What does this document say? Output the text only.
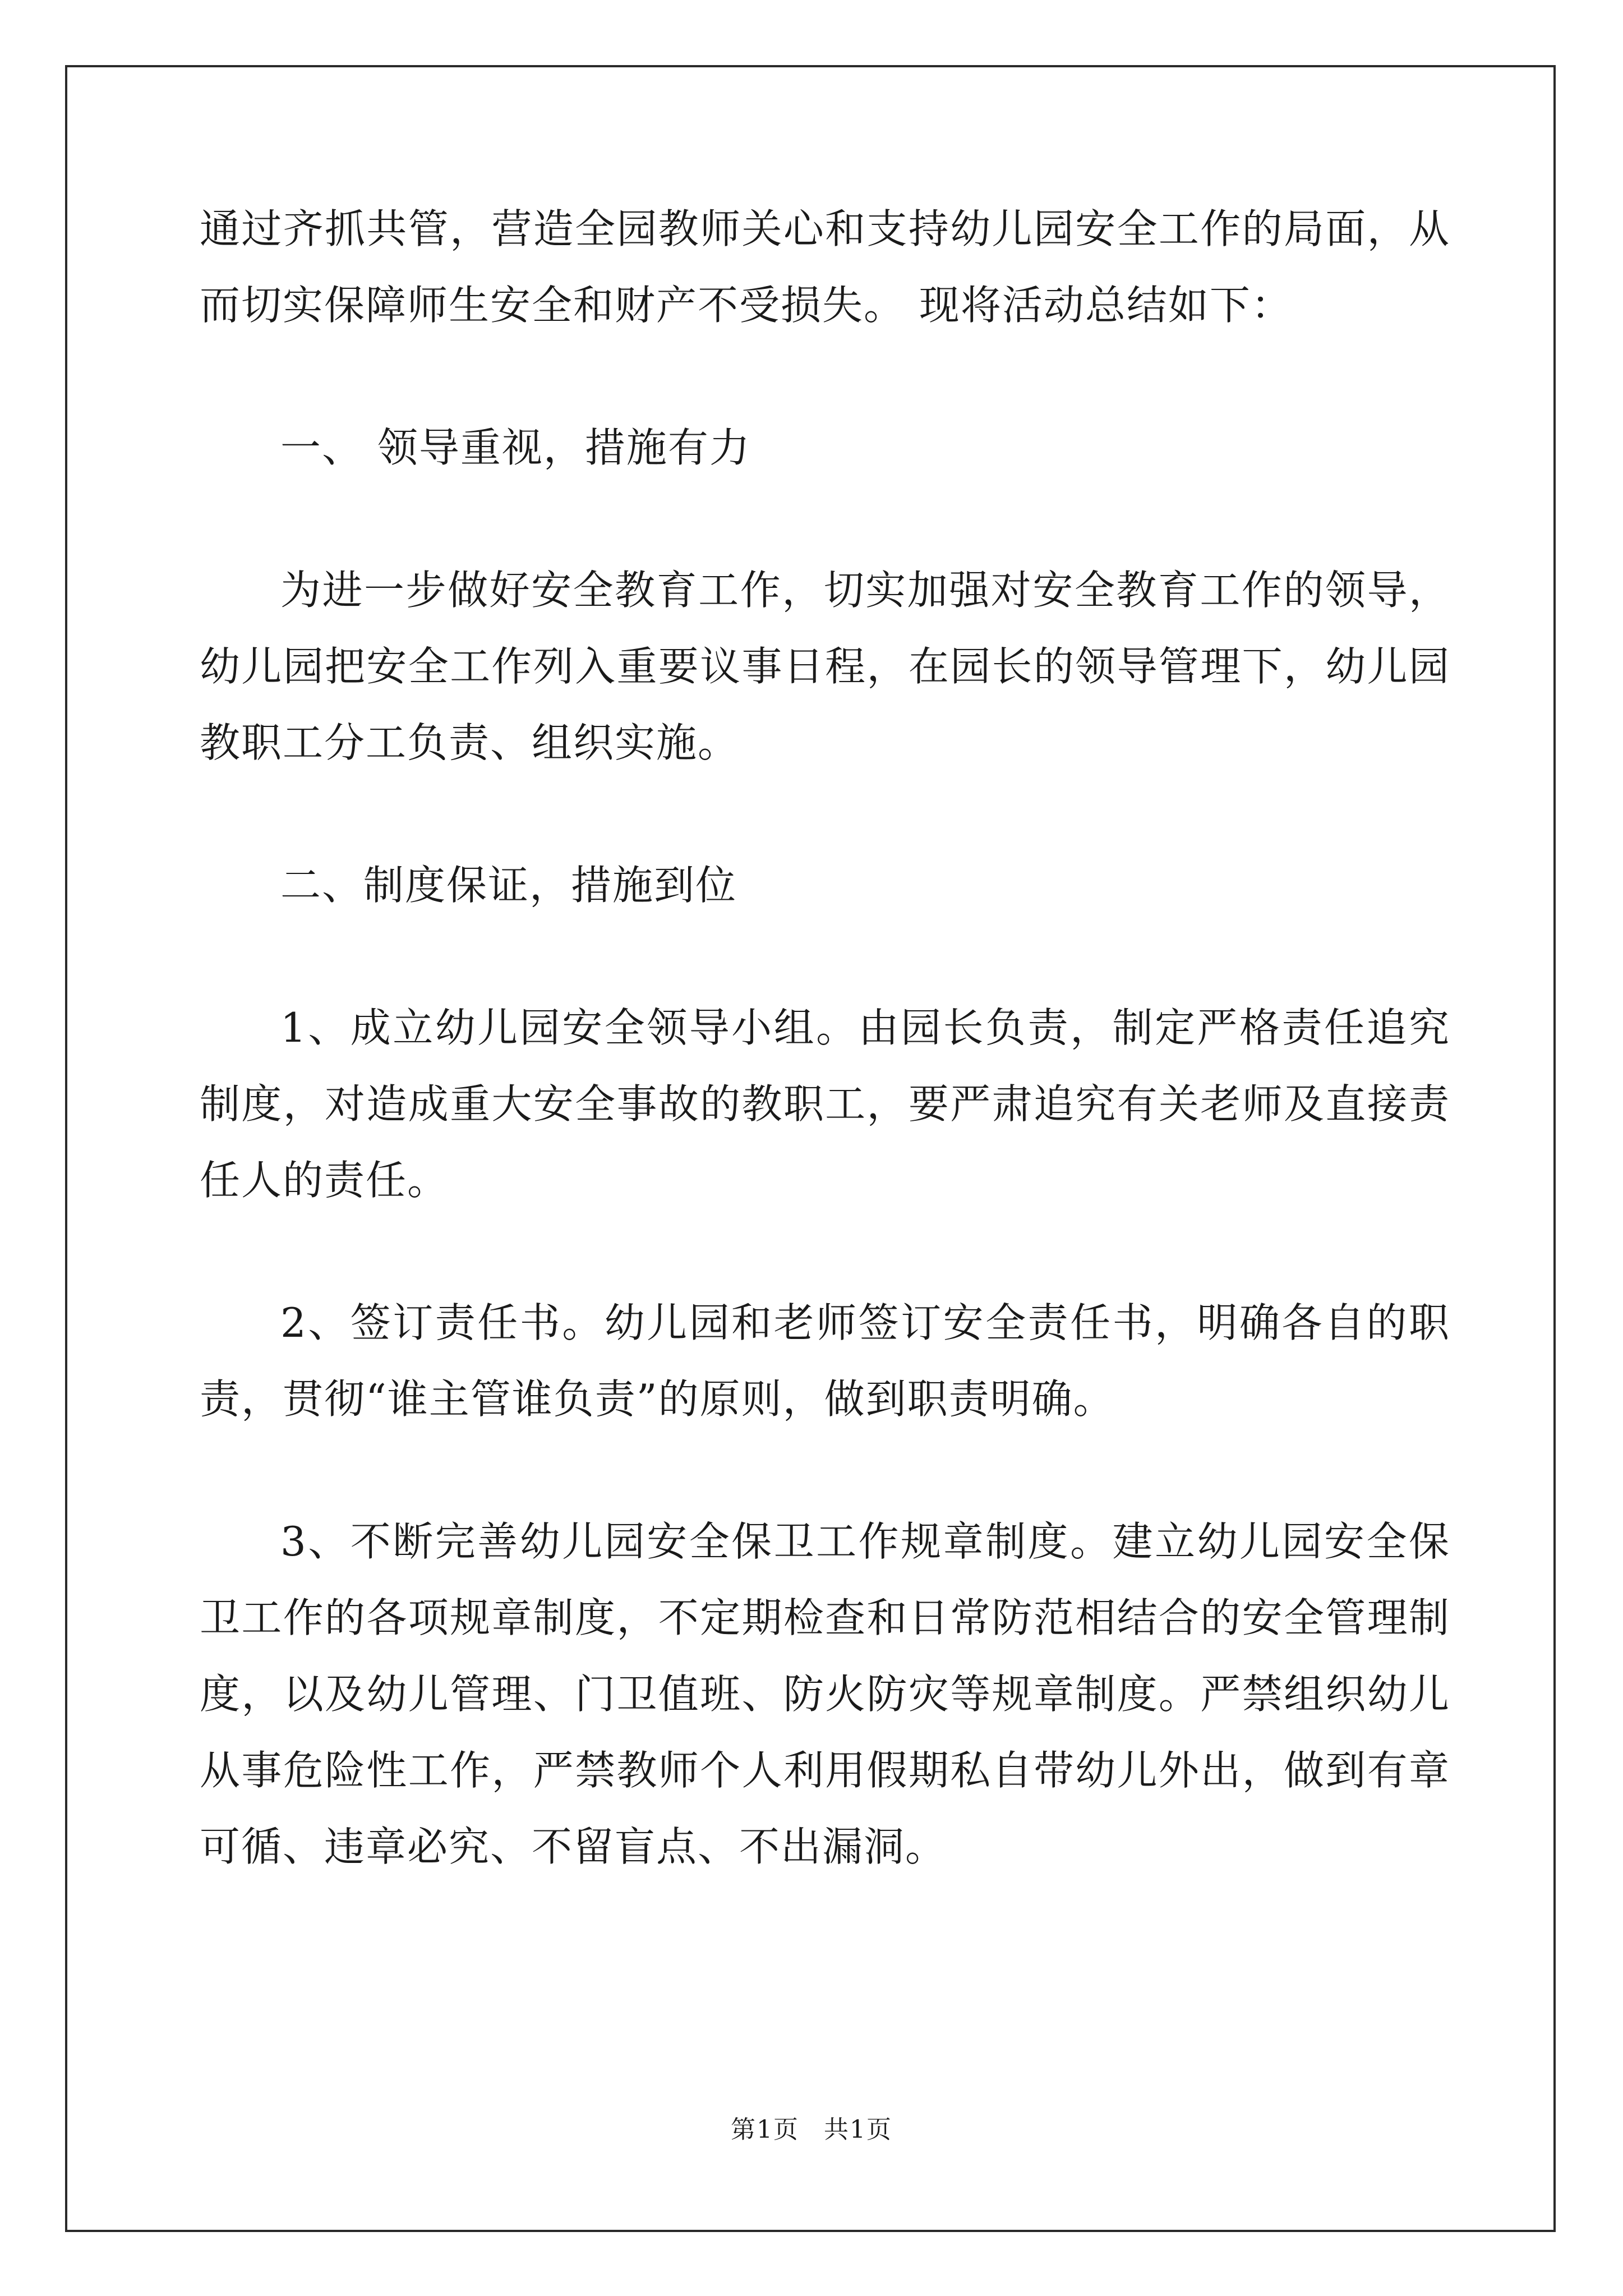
通过齐抓共管，营造全园教师关心和支持幼儿园安全工作的局面，从而切实保障师生安全和财产不受损失。 现将活动总结如下：

一、 领导重视，措施有力

为进一步做好安全教育工作，切实加强对安全教育工作的领导，幼儿园把安全工作列入重要议事日程，在园长的领导管理下，幼儿园教职工分工负责、组织实施。

二、制度保证，措施到位

1、成立幼儿园安全领导小组。由园长负责，制定严格责任追究制度，对造成重大安全事故的教职工，要严肃追究有关老师及直接责任人的责任。

2、签订责任书。幼儿园和老师签订安全责任书，明确各自的职责，贯彻“谁主管谁负责”的原则，做到职责明确。

3、不断完善幼儿园安全保卫工作规章制度。建立幼儿园安全保卫工作的各项规章制度，不定期检查和日常防范相结合的安全管理制度，以及幼儿管理、门卫值班、防火防灾等规章制度。严禁组织幼儿从事危险性工作，严禁教师个人利用假期私自带幼儿外出，做到有章可循、违章必究、不留盲点、不出漏洞。

第1页 共1页
